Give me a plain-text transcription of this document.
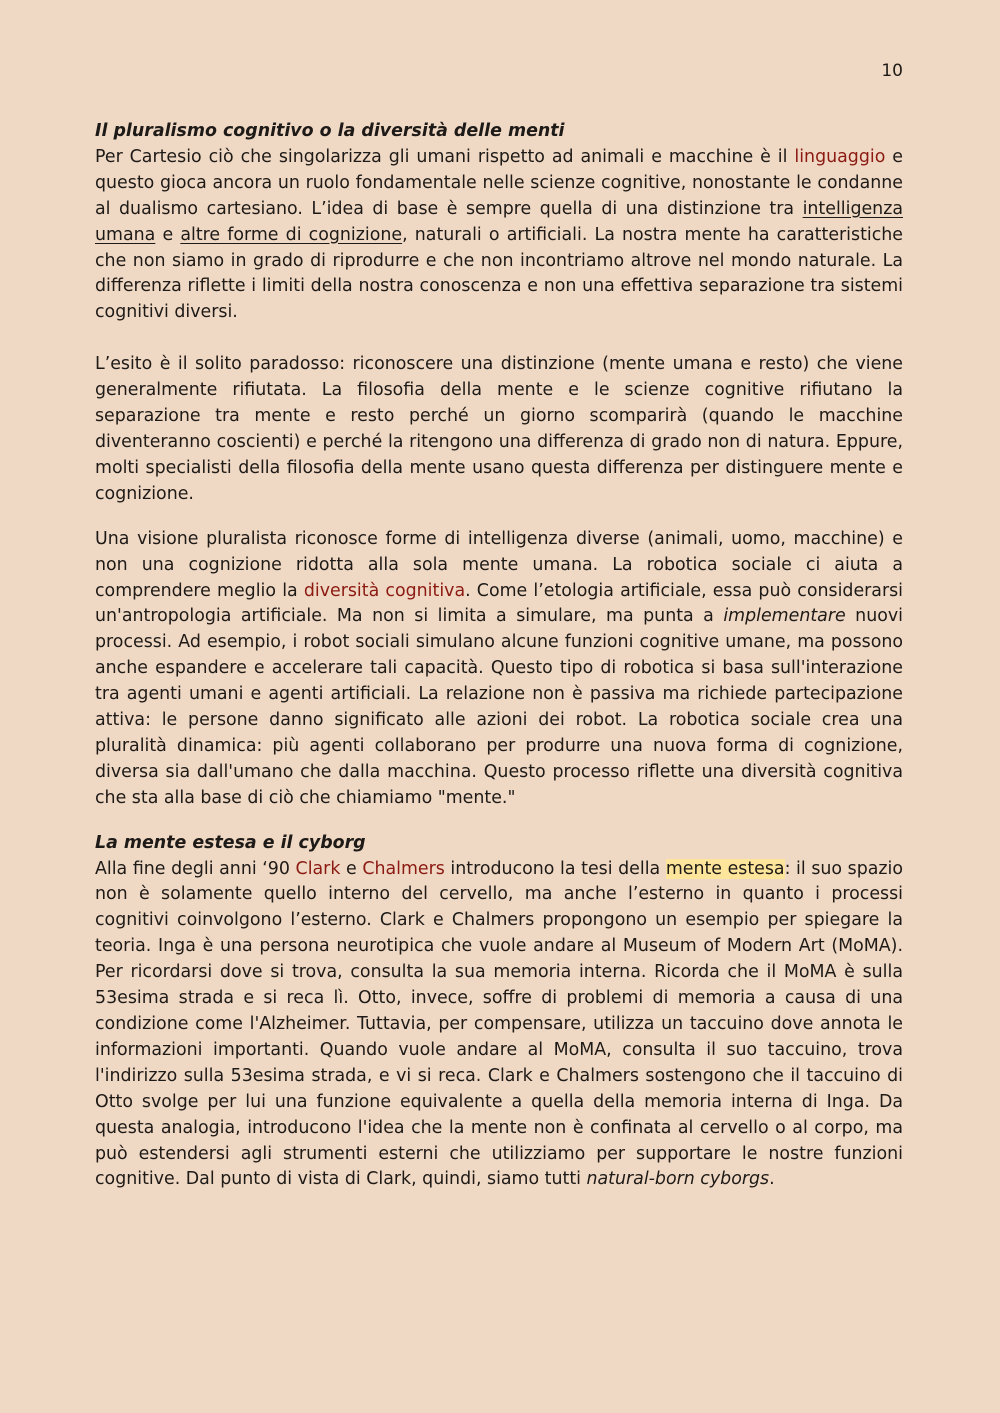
10

Il pluralismo cognitivo o la diversità delle menti

Per Cartesio ciò che singolarizza gli umani rispetto ad animali e macchine è il linguaggio e questo gioca ancora un ruolo fondamentale nelle scienze cognitive, nonostante le condanne al dualismo cartesiano. L’idea di base è sempre quella di una distinzione tra intelligenza umana e altre forme di cognizione, naturali o artificiali. La nostra mente ha caratteristiche che non siamo in grado di riprodurre e che non incontriamo altrove nel mondo naturale. La differenza riflette i limiti della nostra conoscenza e non una effettiva separazione tra sistemi cognitivi diversi.

L’esito è il solito paradosso: riconoscere una distinzione (mente umana e resto) che viene generalmente rifiutata. La filosofia della mente e le scienze cognitive rifiutano la separazione tra mente e resto perché un giorno scomparirà (quando le macchine diventeranno coscienti) e perché la ritengono una differenza di grado non di natura. Eppure, molti specialisti della filosofia della mente usano questa differenza per distinguere mente e cognizione.

Una visione pluralista riconosce forme di intelligenza diverse (animali, uomo, macchine) e non una cognizione ridotta alla sola mente umana. La robotica sociale ci aiuta a comprendere meglio la diversità cognitiva. Come l’etologia artificiale, essa può considerarsi un'antropologia artificiale. Ma non si limita a simulare, ma punta a implementare nuovi processi. Ad esempio, i robot sociali simulano alcune funzioni cognitive umane, ma possono anche espandere e accelerare tali capacità. Questo tipo di robotica si basa sull'interazione tra agenti umani e agenti artificiali. La relazione non è passiva ma richiede partecipazione attiva: le persone danno significato alle azioni dei robot. La robotica sociale crea una pluralità dinamica: più agenti collaborano per produrre una nuova forma di cognizione, diversa sia dall'umano che dalla macchina. Questo processo riflette una diversità cognitiva che sta alla base di ciò che chiamiamo "mente."

La mente estesa e il cyborg

Alla fine degli anni ‘90 Clark e Chalmers introducono la tesi della mente estesa: il suo spazio non è solamente quello interno del cervello, ma anche l’esterno in quanto i processi cognitivi coinvolgono l’esterno. Clark e Chalmers propongono un esempio per spiegare la teoria. Inga è una persona neurotipica che vuole andare al Museum of Modern Art (MoMA). Per ricordarsi dove si trova, consulta la sua memoria interna. Ricorda che il MoMA è sulla 53esima strada e si reca lì. Otto, invece, soffre di problemi di memoria a causa di una condizione come l'Alzheimer. Tuttavia, per compensare, utilizza un taccuino dove annota le informazioni importanti. Quando vuole andare al MoMA, consulta il suo taccuino, trova l'indirizzo sulla 53esima strada, e vi si reca. Clark e Chalmers sostengono che il taccuino di Otto svolge per lui una funzione equivalente a quella della memoria interna di Inga. Da questa analogia, introducono l'idea che la mente non è confinata al cervello o al corpo, ma può estendersi agli strumenti esterni che utilizziamo per supportare le nostre funzioni cognitive. Dal punto di vista di Clark, quindi, siamo tutti natural-born cyborgs.
